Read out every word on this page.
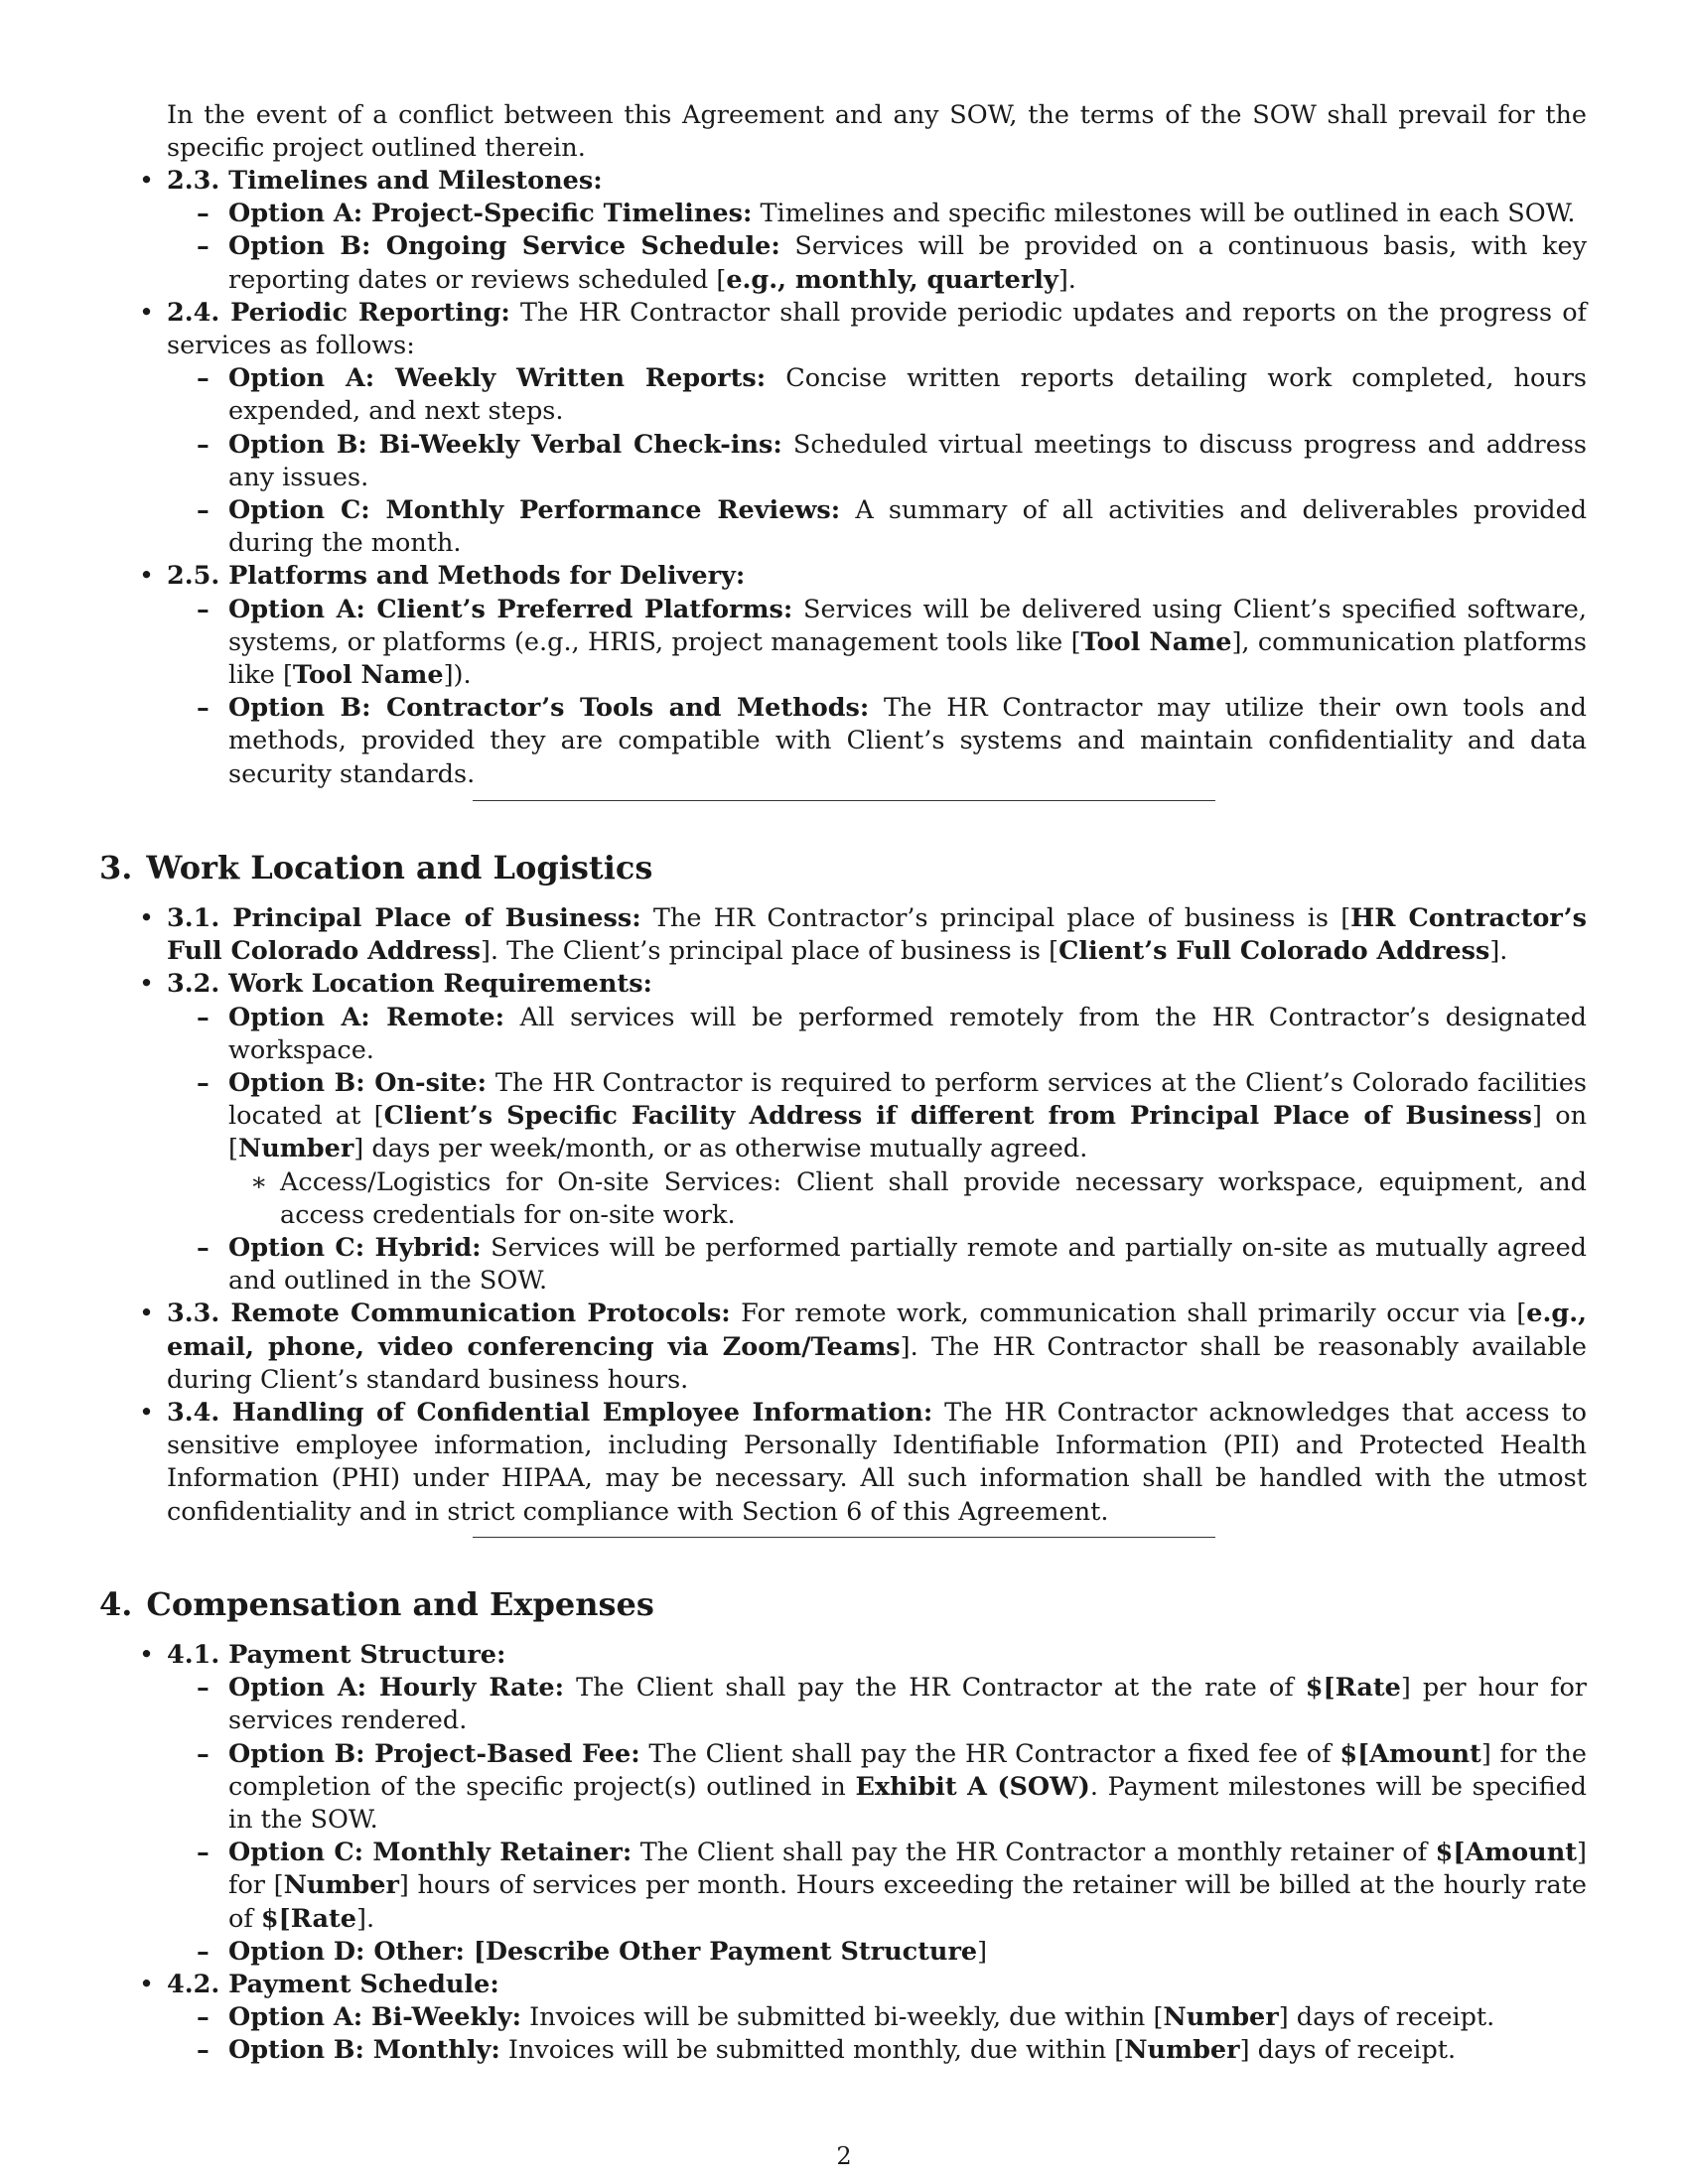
In the event of a conflict between this Agreement and any SOW, the terms of the SOW shall prevail for the specific project outlined therein.

• 2.3. Timelines and Milestones:
– Option A: Project-Specific Timelines: Timelines and specific milestones will be outlined in each SOW.
– Option B: Ongoing Service Schedule: Services will be provided on a continuous basis, with key reporting dates or reviews scheduled [e.g., monthly, quarterly].
• 2.4. Periodic Reporting: The HR Contractor shall provide periodic updates and reports on the progress of services as follows:
– Option A: Weekly Written Reports: Concise written reports detailing work completed, hours expended, and next steps.
– Option B: Bi-Weekly Verbal Check-ins: Scheduled virtual meetings to discuss progress and address any issues.
– Option C: Monthly Performance Reviews: A summary of all activities and deliverables provided during the month.
• 2.5. Platforms and Methods for Delivery:
– Option A: Client’s Preferred Platforms: Services will be delivered using Client’s specified software, systems, or platforms (e.g., HRIS, project management tools like [Tool Name], communication platforms like [Tool Name]).
– Option B: Contractor’s Tools and Methods: The HR Contractor may utilize their own tools and methods, provided they are compatible with Client’s systems and maintain confidentiality and data security standards.
3. Work Location and Logistics
• 3.1. Principal Place of Business: The HR Contractor’s principal place of business is [HR Contractor’s Full Colorado Address]. The Client’s principal place of business is [Client’s Full Colorado Address].
• 3.2. Work Location Requirements:
– Option A: Remote: All services will be performed remotely from the HR Contractor’s designated workspace.
– Option B: On-site: The HR Contractor is required to perform services at the Client’s Colorado facilities located at [Client’s Specific Facility Address if different from Principal Place of Business] on [Number] days per week/month, or as otherwise mutually agreed.
∗ Access/Logistics for On-site Services: Client shall provide necessary workspace, equipment, and access credentials for on-site work.
– Option C: Hybrid: Services will be performed partially remote and partially on-site as mutually agreed and outlined in the SOW.
• 3.3. Remote Communication Protocols: For remote work, communication shall primarily occur via [e.g., email, phone, video conferencing via Zoom/Teams]. The HR Contractor shall be reasonably available during Client’s standard business hours.
• 3.4. Handling of Confidential Employee Information: The HR Contractor acknowledges that access to sensitive employee information, including Personally Identifiable Information (PII) and Protected Health Information (PHI) under HIPAA, may be necessary. All such information shall be handled with the utmost confidentiality and in strict compliance with Section 6 of this Agreement.
4. Compensation and Expenses
• 4.1. Payment Structure:
– Option A: Hourly Rate: The Client shall pay the HR Contractor at the rate of $[Rate] per hour for services rendered.
– Option B: Project-Based Fee: The Client shall pay the HR Contractor a fixed fee of $[Amount] for the completion of the specific project(s) outlined in Exhibit A (SOW). Payment milestones will be specified in the SOW.
– Option C: Monthly Retainer: The Client shall pay the HR Contractor a monthly retainer of $[Amount] for [Number] hours of services per month. Hours exceeding the retainer will be billed at the hourly rate of $[Rate].
– Option D: Other: [Describe Other Payment Structure]
• 4.2. Payment Schedule:
– Option A: Bi-Weekly: Invoices will be submitted bi-weekly, due within [Number] days of receipt.
– Option B: Monthly: Invoices will be submitted monthly, due within [Number] days of receipt.
2
